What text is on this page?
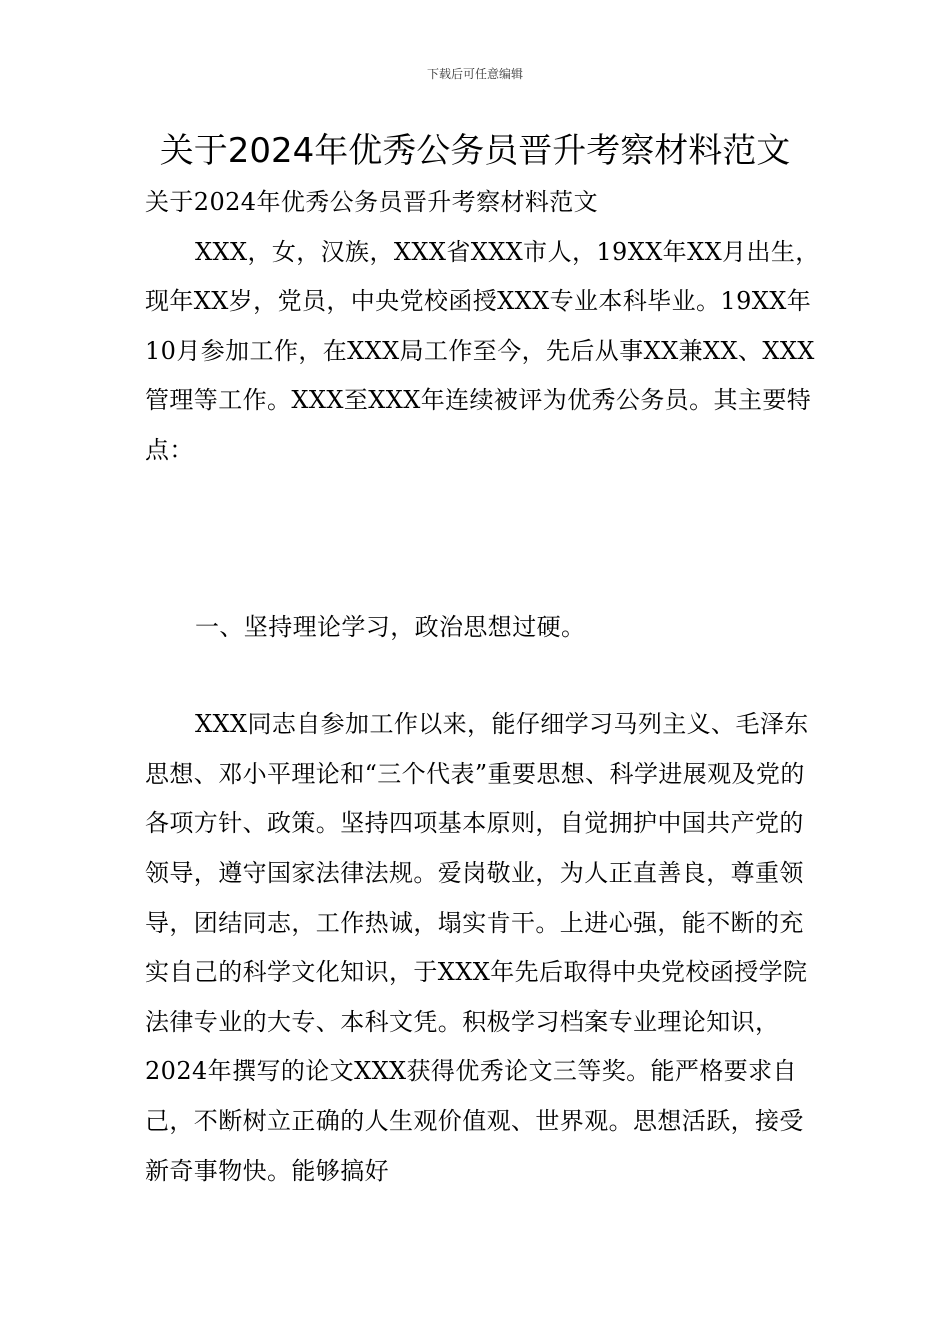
下载后可任意编辑
关于2024年优秀公务员晋升考察材料范文

关于2024年优秀公务员晋升考察材料范文

XXX，女，汉族，XXX省XXX市人，19XX年XX月出生，现年XX岁，党员，中央党校函授XXX专业本科毕业。19XX年10月参加工作，在XXX局工作至今，先后从事XX兼XX、XXX管理等工作。XXX至XXX年连续被评为优秀公务员。其主要特点：

一、坚持理论学习，政治思想过硬。

XXX同志自参加工作以来，能仔细学习马列主义、毛泽东思想、邓小平理论和“三个代表”重要思想、科学进展观及党的各项方针、政策。坚持四项基本原则，自觉拥护中国共产党的领导，遵守国家法律法规。爱岗敬业，为人正直善良，尊重领导，团结同志，工作热诚，塌实肯干。上进心强，能不断的充实自己的科学文化知识，于XXX年先后取得中央党校函授学院法律专业的大专、本科文凭。积极学习档案专业理论知识，2024年撰写的论文XXX获得优秀论文三等奖。能严格要求自己，不断树立正确的人生观价值观、世界观。思想活跃，接受新奇事物快。能够搞好
